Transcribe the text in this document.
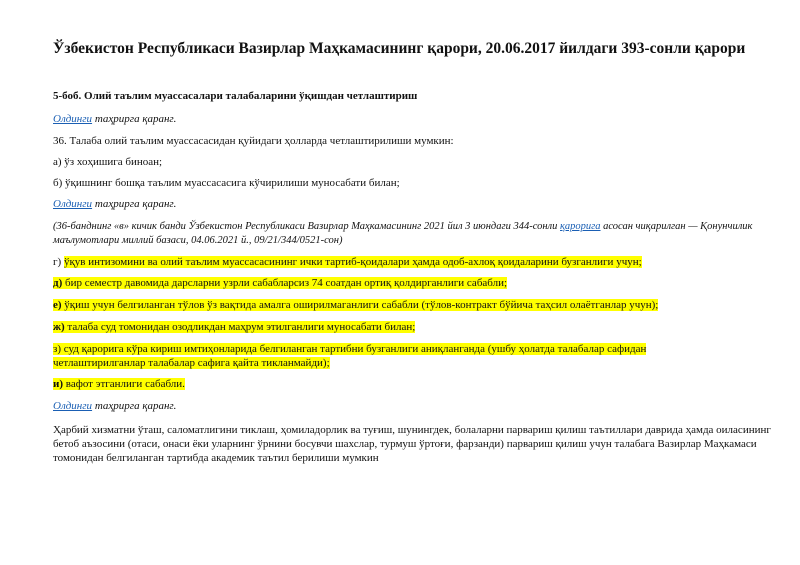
Ўзбекистон Республикаси Вазирлар Маҳкамасининг қарори, 20.06.2017 йилдаги 393-сонли қарори
5-боб. Олий таълим муассасалари талабаларини ўқишдан четлаштириш
Олдинги таҳрирга қаранг.
36. Талаба олий таълим муассасасидан қуйидаги ҳолларда четлаштирилиши мумкин:
а) ўз хоҳишига биноан;
б) ўқишнинг бошқа таълим муассасасига кўчирилиши муносабати билан;
Олдинги таҳрирга қаранг.
(36-банднинг «в» кичик банди Ўзбекистон Республикаси Вазирлар Маҳкамасининг 2021 йил 3 июндаги 344-сонли қарорига асосан чиқарилган — Қонунчилик маълумотлари миллий базаси, 04.06.2021 й., 09/21/344/0521-сон)
г) ўқув интизомини ва олий таълим муассасасининг ички тартиб-қоидалари ҳамда одоб-ахлоқ қоидаларини бузганлиги учун;
д) бир семестр давомида дарсларни узрли сабабларсиз 74 соатдан ортиқ қолдирганлиги сабабли;
е) ўқиш учун белгиланган тўлов ўз вақтида амалга оширилмаганлиги сабабли (тўлов-контракт бўйича таҳсил олаётганлар учун);
ж) талаба суд томонидан озодликдан маҳрум этилганлиги муносабати билан;
з) суд қарорига кўра кириш имтиҳонларида белгиланган тартибни бузганлиги аниқланганда (ушбу ҳолатда талабалар сафидан
четлаштирилганлар талабалар сафига қайта тикланмайди);
и) вафот этганлиги сабабли.
Олдинги таҳрирга қаранг.
Ҳарбий хизматни ўташ, саломатлигини тиклаш, ҳомиладорлик ва туғиш, шунингдек, болаларни парвариш қилиш таътиллари даврида ҳамда оиласининг бетоб аъзосини (отаси, онаси ёки уларнинг ўрнини босувчи шахслар, турмуш ўртоғи, фарзанди) парвариш қилиш учун талабага Вазирлар Маҳкамаси томонидан белгиланган тартибда академик таътил берилиши мумкин
